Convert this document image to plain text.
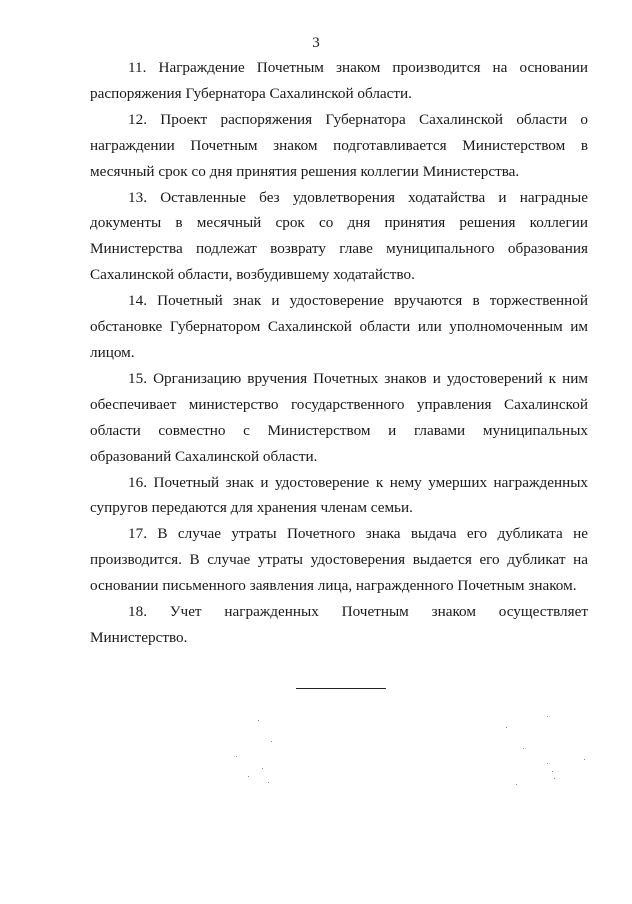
3

11. Награждение Почетным знаком производится на основании распоряжения Губернатора Сахалинской области.

12. Проект распоряжения Губернатора Сахалинской области о награждении Почетным знаком подготавливается Министерством в месячный срок со дня принятия решения коллегии Министерства.

13. Оставленные без удовлетворения ходатайства и наградные документы в месячный срок со дня принятия решения коллегии Министерства подлежат возврату главе муниципального образования Сахалинской области, возбудившему ходатайство.

14. Почетный знак и удостоверение вручаются в торжественной обстановке Губернатором Сахалинской области или уполномоченным им лицом.

15. Организацию вручения Почетных знаков и удостоверений к ним обеспечивает министерство государственного управления Сахалинской области совместно с Министерством и главами муниципальных образований Сахалинской области.

16. Почетный знак и удостоверение к нему умерших награжденных супругов передаются для хранения членам семьи.

17. В случае утраты Почетного знака выдача его дубликата не производится. В случае утраты удостоверения выдается его дубликат на основании письменного заявления лица, награжденного Почетным знаком.

18. Учет награжденных Почетным знаком осуществляет Министерство.
